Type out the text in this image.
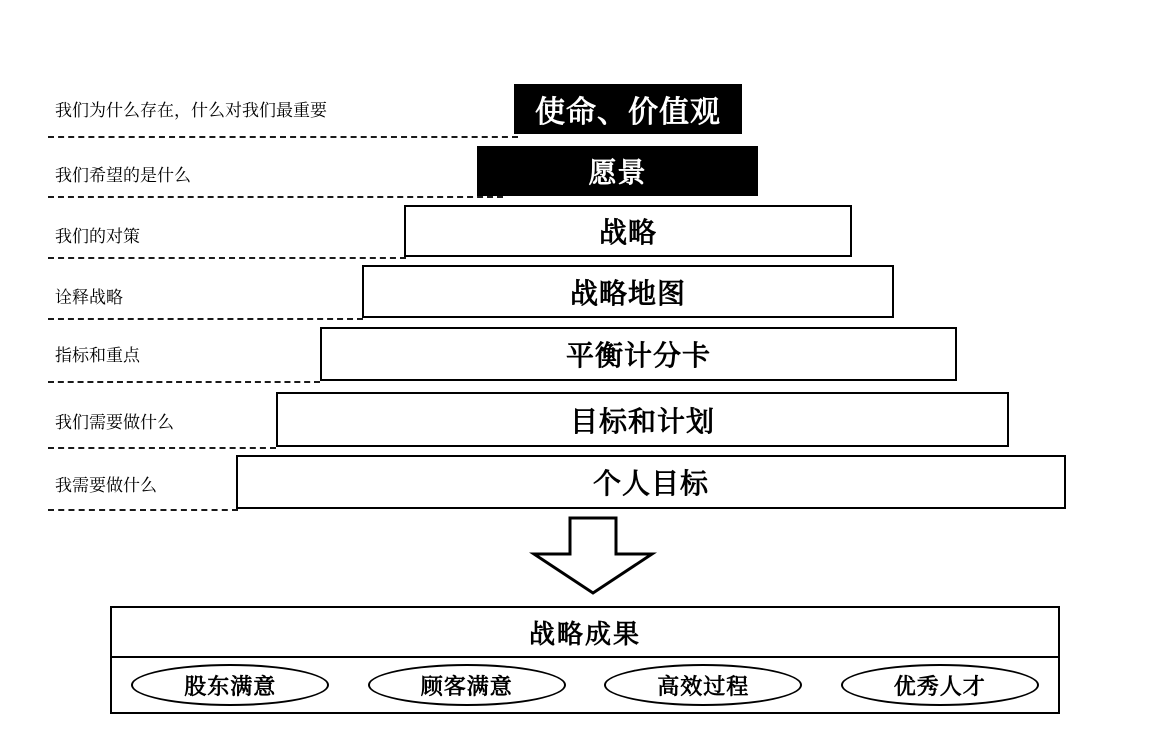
我们为什么存在，什么对我们最重要
我们希望的是什么
我们的对策
诠释战略
指标和重点
我们需要做什么
我需要做什么
使命、价值观
愿景
战略
战略地图
平衡计分卡
目标和计划
个人目标
战略成果
股东满意	顾客满意	高效过程	优秀人才
